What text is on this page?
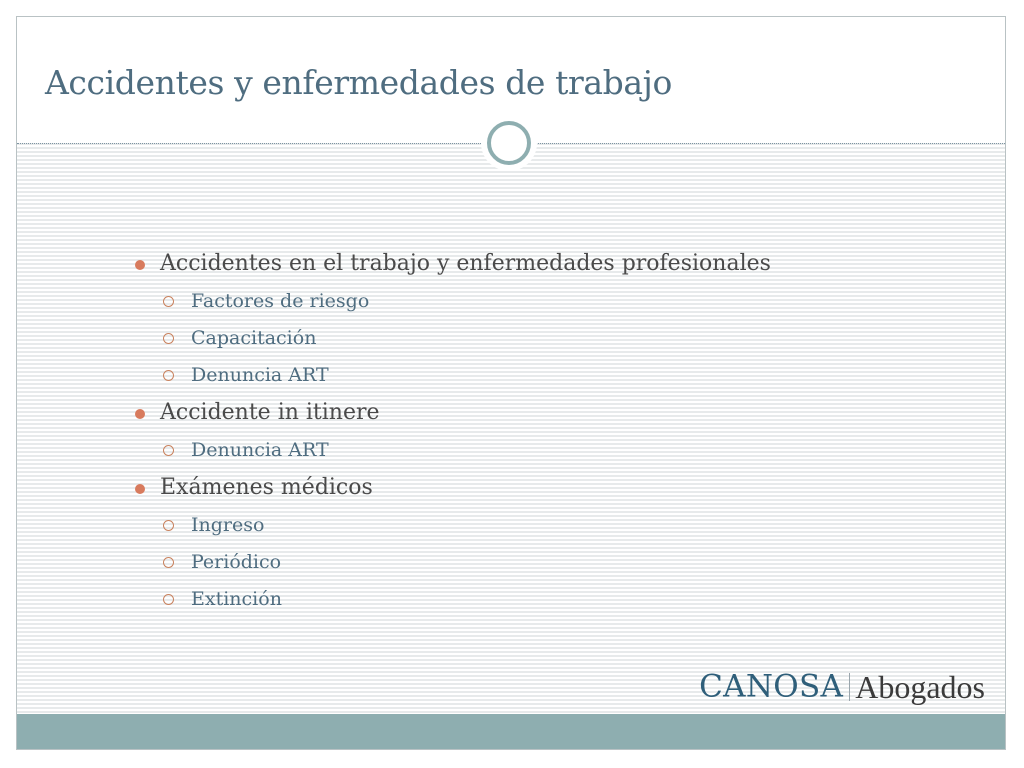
Accidentes y enfermedades de trabajo
Accidentes en el trabajo y enfermedades profesionales
Factores de riesgo
Capacitación
Denuncia ART
Accidente in itinere
Denuncia ART
Exámenes médicos
Ingreso
Periódico
Extinción
CANOSA Abogados
